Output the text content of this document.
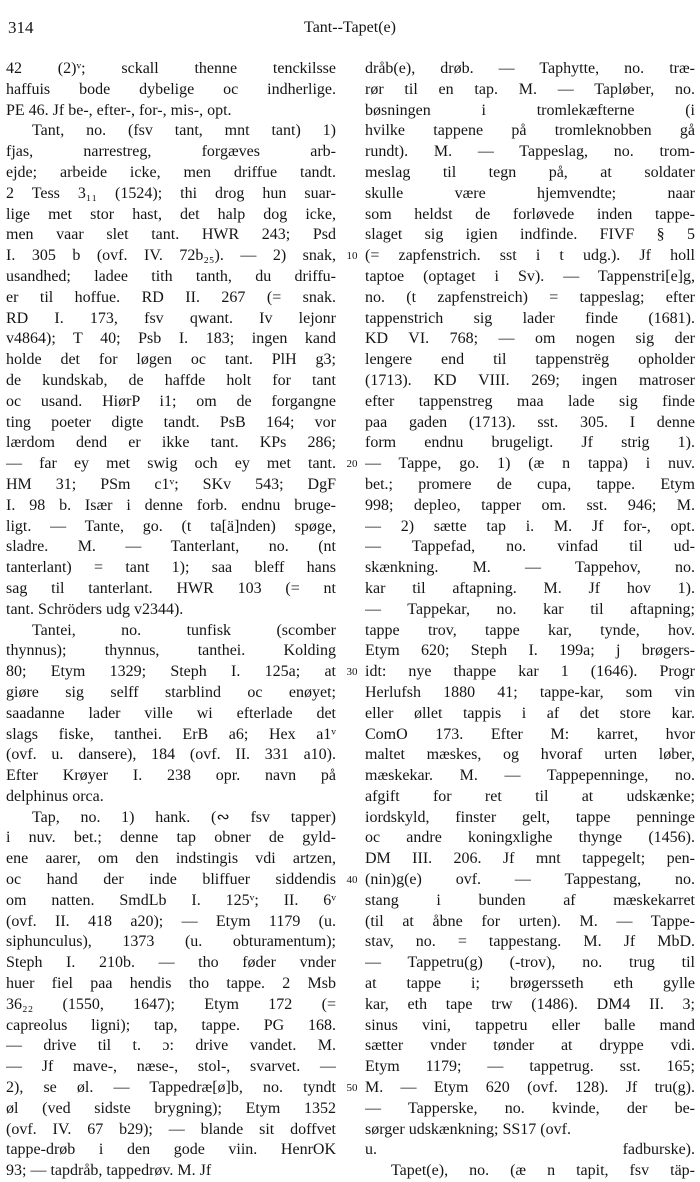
314	Tant--Tapet(e)
42 (2)ᵛ; sckall thenne tenckilsse
haffuis bode dybelige oc indherlige.
PE 46. Jf be-, efter-, for-, mis-, opt.
Tant, no. (fsv tant, mnt tant) 1)
fjas, narrestreg, forgæves arb-
ejde; arbeide icke, men driffue tandt.
2 Tess 3₁₁ (1524); thi drog hun suar-
lige met stor hast, det halp dog icke,
men vaar slet tant. HWR 243; Psd
I. 305 b (ovf. IV. 72b₂₅). — 2) snak,
usandhed; ladee tith tanth, du driffu-
er til hoffue. RD II. 267 (= snak.
RD I. 173, fsv qwant. Iv lejonr
v4864); T 40; Psb I. 183; ingen kand
holde det for løgen oc tant. PlH g3;
de kundskab, de haffde holt for tant
oc usand. HiørP i1; om de forgangne
ting poeter digte tandt. PsB 164; vor
lærdom dend er ikke tant. KPs 286;
— far ey met swig och ey met tant.
HM 31; PSm c1ᵛ; SKv 543; DgF
I. 98 b. Især i denne forb. endnu bruge-
ligt. — Tante, go. (t ta[ä]nden) spøge,
sladre. M. — Tanterlant, no. (nt
tanterlant) = tant 1); saa bleff hans
sag til tanterlant. HWR 103 (= nt
tant. Schröders udg v2344).
Tantei, no. tunfisk (scomber
thynnus); thynnus, tanthei. Kolding
80; Etym 1329; Steph I. 125a; at
giøre sig selff starblind oc enøyet;
saadanne lader ville wi efterlade det
slags fiske, tanthei. ErB a6; Hex a1ᵛ
(ovf. u. dansere), 184 (ovf. II. 331 a10).
Efter Krøyer I. 238 opr. navn på
delphinus orca.
Tap, no. 1) hank. (∾ fsv tapper)
i nuv. bet.; denne tap obner de gyld-
ene aarer, om den indstingis vdi artzen,
oc hand der inde bliffuer siddendis
om natten. SmdLb I. 125ᵛ; II. 6ᵛ
(ovf. II. 418 a20); — Etym 1179 (u.
siphunculus), 1373 (u. obturamentum);
Steph I. 210b. — tho føder vnder
huer fiel paa hendis tho tappe. 2 Msb
36₂₂ (1550, 1647); Etym 172 (=
capreolus ligni); tap, tappe. PG 168.
— drive til t. ɔ: drive vandet. M.
— Jf mave-, næse-, stol-, svarvet. —
2), se øl. — Tappedræ[ø]b, no. tyndt
øl (ved sidste brygning); Etym 1352
(ovf. IV. 67 b29); — blande sit doffvet
tappe-drøb i den gode viin. HenrOK
93; — tapdråb, tappedrøv. M. Jf
10
20
30
40
50
dråb(e), drøb. — Taphytte, no. træ-
rør til en tap. M. — Tapløber, no.
bøsningen i tromlekæfterne (i
hvilke tappene på tromleknobben gå
rundt). M. — Tappeslag, no. trom-
meslag til tegn på, at soldater
skulle være hjemvendte; naar
som heldst de forløvede inden tappe-
slaget sig igien indfinde. FIVF § 5
(= zapfenstrich. sst i t udg.). Jf holl
taptoe (optaget i Sv). — Tappenstri[e]g,
no. (t zapfenstreich) = tappeslag; efter
tappenstrich sig lader finde (1681).
KD VI. 768; — om nogen sig der
lengere end til tappenstrëg opholder
(1713). KD VIII. 269; ingen matroser
efter tappenstreg maa lade sig finde
paa gaden (1713). sst. 305. I denne
form endnu brugeligt. Jf strig 1).
— Tappe, go. 1) (æ n tappa) i nuv.
bet.; promere de cupa, tappe. Etym
998; depleo, tapper om. sst. 946; M.
— 2) sætte tap i. M. Jf for-, opt.
— Tappefad, no. vinfad til ud-
skænkning. M. — Tappehov, no.
kar til aftapning. M. Jf hov 1).
— Tappekar, no. kar til aftapning;
tappe trov, tappe kar, tynde, hov.
Etym 620; Steph I. 199a; j brøgers-
idt: nye thappe kar 1 (1646). Progr
Herlufsh 1880 41; tappe-kar, som vin
eller øllet tappis i af det store kar.
ComO 173. Efter M: karret, hvor
maltet mæskes, og hvoraf urten løber,
mæskekar. M. — Tappepenninge, no.
afgift for ret til at udskænke;
iordskyld, finster gelt, tappe penninge
oc andre koningxlighe thynge (1456).
DM III. 206. Jf mnt tappegelt; pen-
(nin)g(e) ovf. — Tappestang, no.
stang i bunden af mæskekarret
(til at åbne for urten). M. — Tappe-
stav, no. = tappestang. M. Jf MbD.
— Tappetru(g) (-trov), no. trug til
at tappe i; brøgersseth eth gylle
kar, eth tape trw (1486). DM4 II. 3;
sinus vini, tappetru eller balle mand
sætter vnder tønder at dryppe vdi.
Etym 1179; — tappetrug. sst. 165;
M. — Etym 620 (ovf. 128). Jf tru(g).
— Tapperske, no. kvinde, der be-
sørger udskænkning; SS17 (ovf.
u. fadburske).
Tapet(e), no. (æ n tapit, fsv täp-
